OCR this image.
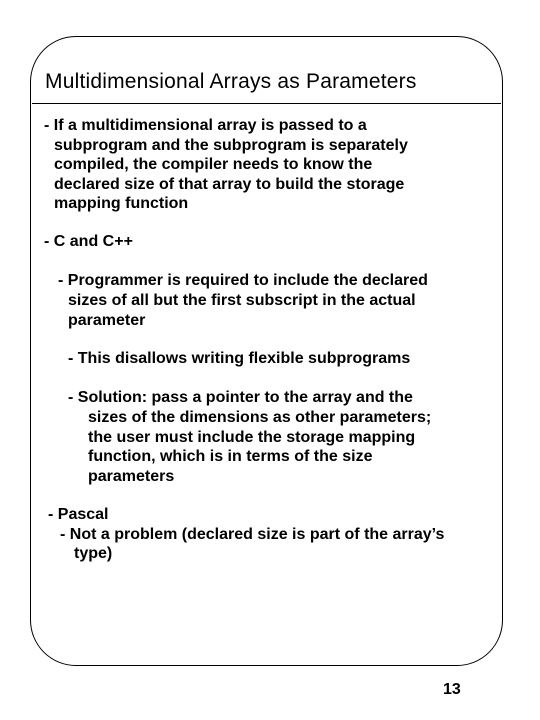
Multidimensional Arrays as Parameters
- If a multidimensional array is passed to a
subprogram and the subprogram is separately
compiled, the compiler needs to know the
declared size of that array to build the storage
mapping function
- C and C++
- Programmer is required to include the declared
sizes of all but the first subscript in the actual
parameter
- This disallows writing flexible subprograms
- Solution: pass a pointer to the array and the
sizes of the dimensions as other parameters;
the user must include the storage mapping
function, which is in terms of the size
parameters
- Pascal
- Not a problem (declared size is part of the array’s
type)
13
